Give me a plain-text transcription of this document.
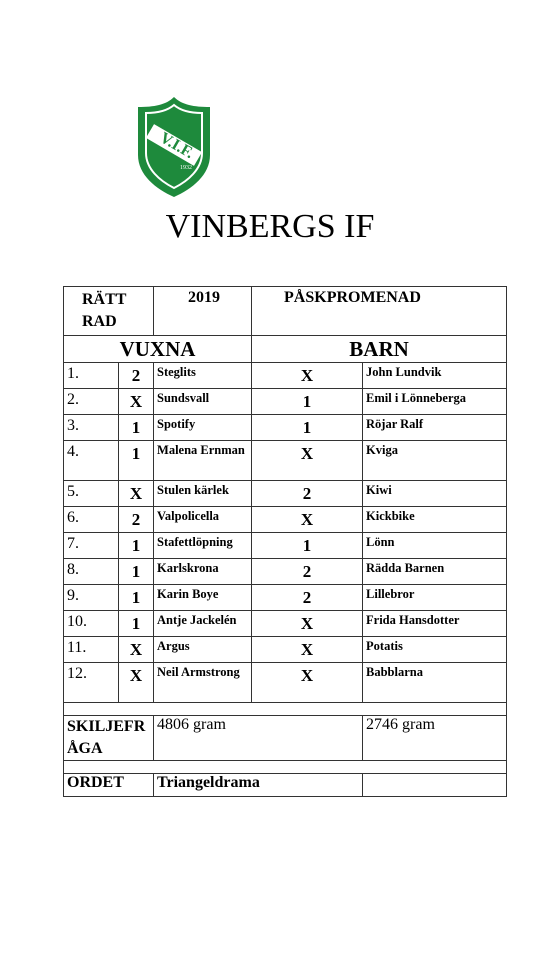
V.I.F.
1932
VINBERGS IF
RÄTT RAD		2019	PÅSKPROMENAD	
VUXNA			BARN	
1.	2	Steglits	X	John Lundvik
2.	X	Sundsvall	1	Emil i Lönneberga
3.	1	Spotify	1	Röjar Ralf
4.	1	Malena Ernman	X	Kviga
5.	X	Stulen kärlek	2	Kiwi
6.	2	Valpolicella	X	Kickbike
7.	1	Stafettlöpning	1	Lönn
8.	1	Karlskrona	2	Rädda Barnen
9.	1	Karin Boye	2	Lillebror
10.	1	Antje Jackelén	X	Frida Hansdotter
11.	X	Argus	X	Potatis
12.	X	Neil Armstrong	X	Babblarna

SKILJEFRÅGA		4806 gram		2746 gram

ORDET		Triangeldrama		
